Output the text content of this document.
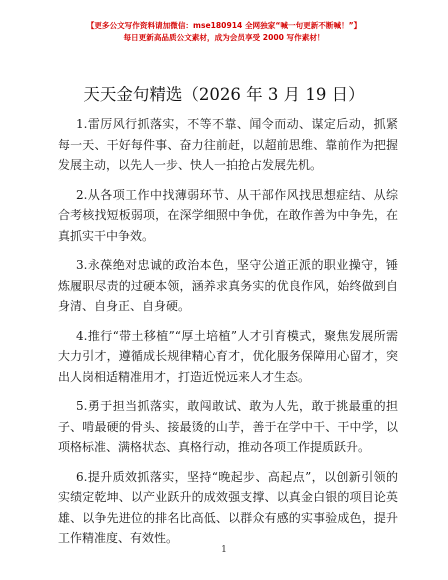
【更多公文写作资料请加微信：mse180914 全网独家“喊一句更新不断喊！”】
每日更新高品质公文素材，成为会员享受 2000 写作素材！
天天金句精选（2026 年 3 月 19 日）

1.雷厉风行抓落实，不等不靠、闻令而动、谋定后动，抓紧每一天、干好每件事、奋力往前赶，以超前思维、靠前作为把握发展主动，以先人一步、快人一拍抢占发展先机。

2.从各项工作中找薄弱环节、从干部作风找思想症结、从综合考核找短板弱项，在深学细照中争优，在敢作善为中争先，在真抓实干中争效。

3.永葆绝对忠诚的政治本色，坚守公道正派的职业操守，锤炼履职尽责的过硬本领，涵养求真务实的优良作风，始终做到自身清、自身正、自身硬。

4.推行“带土移植”“厚土培植”人才引育模式，聚焦发展所需大力引才，遵循成长规律精心育才，优化服务保障用心留才，突出人岗相适精准用才，打造近悦远来人才生态。

5.勇于担当抓落实，敢闯敢试、敢为人先，敢于挑最重的担子、啃最硬的骨头、接最烫的山芋，善于在学中干、干中学，以项格标准、满格状态、真格行动，推动各项工作提质跃升。

6.提升质效抓落实，坚持“晚起步、高起点”，以创新引领的实绩定乾坤、以产业跃升的成效强支撑、以真金白银的项目论英雄、以争先进位的排名比高低、以群众有感的实事验成色，提升工作精准度、有效性。

1
